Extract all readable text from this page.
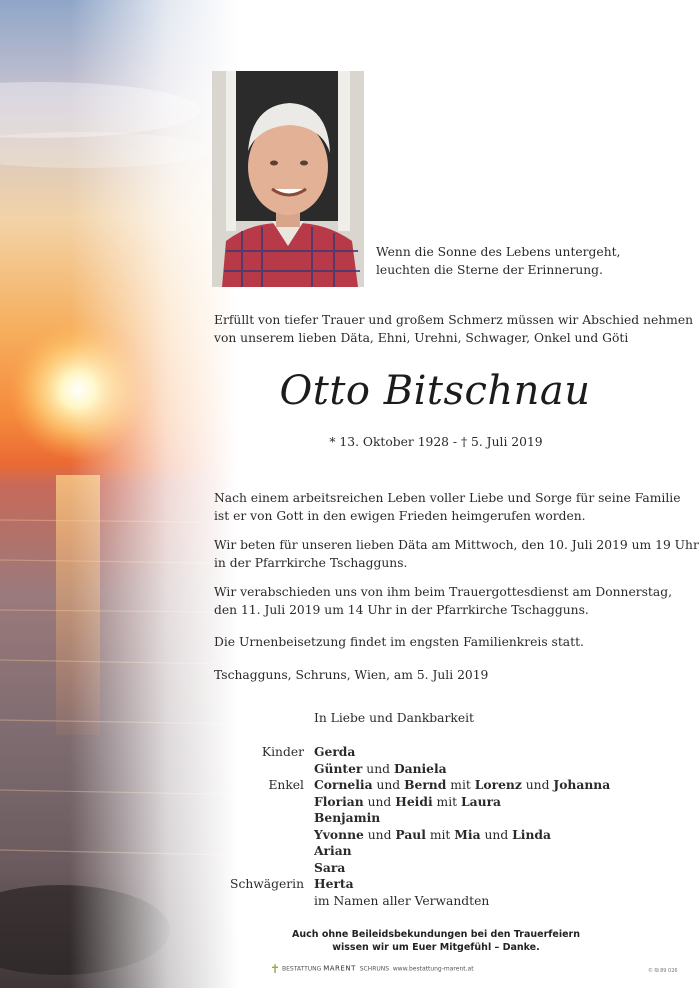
Wenn die Sonne des Lebens untergeht,
leuchten die Sterne der Erinnerung.
Erfüllt von tiefer Trauer und großem Schmerz müssen wir Abschied nehmen
von unserem lieben Däta, Ehni, Urehni, Schwager, Onkel und Göti
Otto Bitschnau
* 13. Oktober 1928 - † 5. Juli 2019
Nach einem arbeitsreichen Leben voller Liebe und Sorge für seine Familie
ist er von Gott in den ewigen Frieden heimgerufen worden.
Wir beten für unseren lieben Däta am Mittwoch, den 10. Juli 2019 um 19 Uhr
in der Pfarrkirche Tschagguns.
Wir verabschieden uns von ihm beim Trauergottesdienst am Donnerstag,
den 11. Juli 2019 um 14 Uhr in der Pfarrkirche Tschagguns.
Die Urnenbeisetzung findet im engsten Familienkreis statt.
Tschagguns, Schruns, Wien, am 5. Juli 2019
In Liebe und Dankbarkeit
Kinder
Enkel
Schwägerin
Gerda
Günter und Daniela
Cornelia und Bernd mit Lorenz und Johanna
Florian und Heidi mit Laura
Benjamin
Yvonne und Paul mit Mia und Linda
Arian
Sara
Herta
im Namen aller Verwandten
Auch ohne Beileidsbekundungen bei den Trauerfeiern
wissen wir um Euer Mitgefühl – Danke.
✝ BESTATTUNG MARENT SCHRUNS www.bestattung-marent.at	© ₪ 89 026
